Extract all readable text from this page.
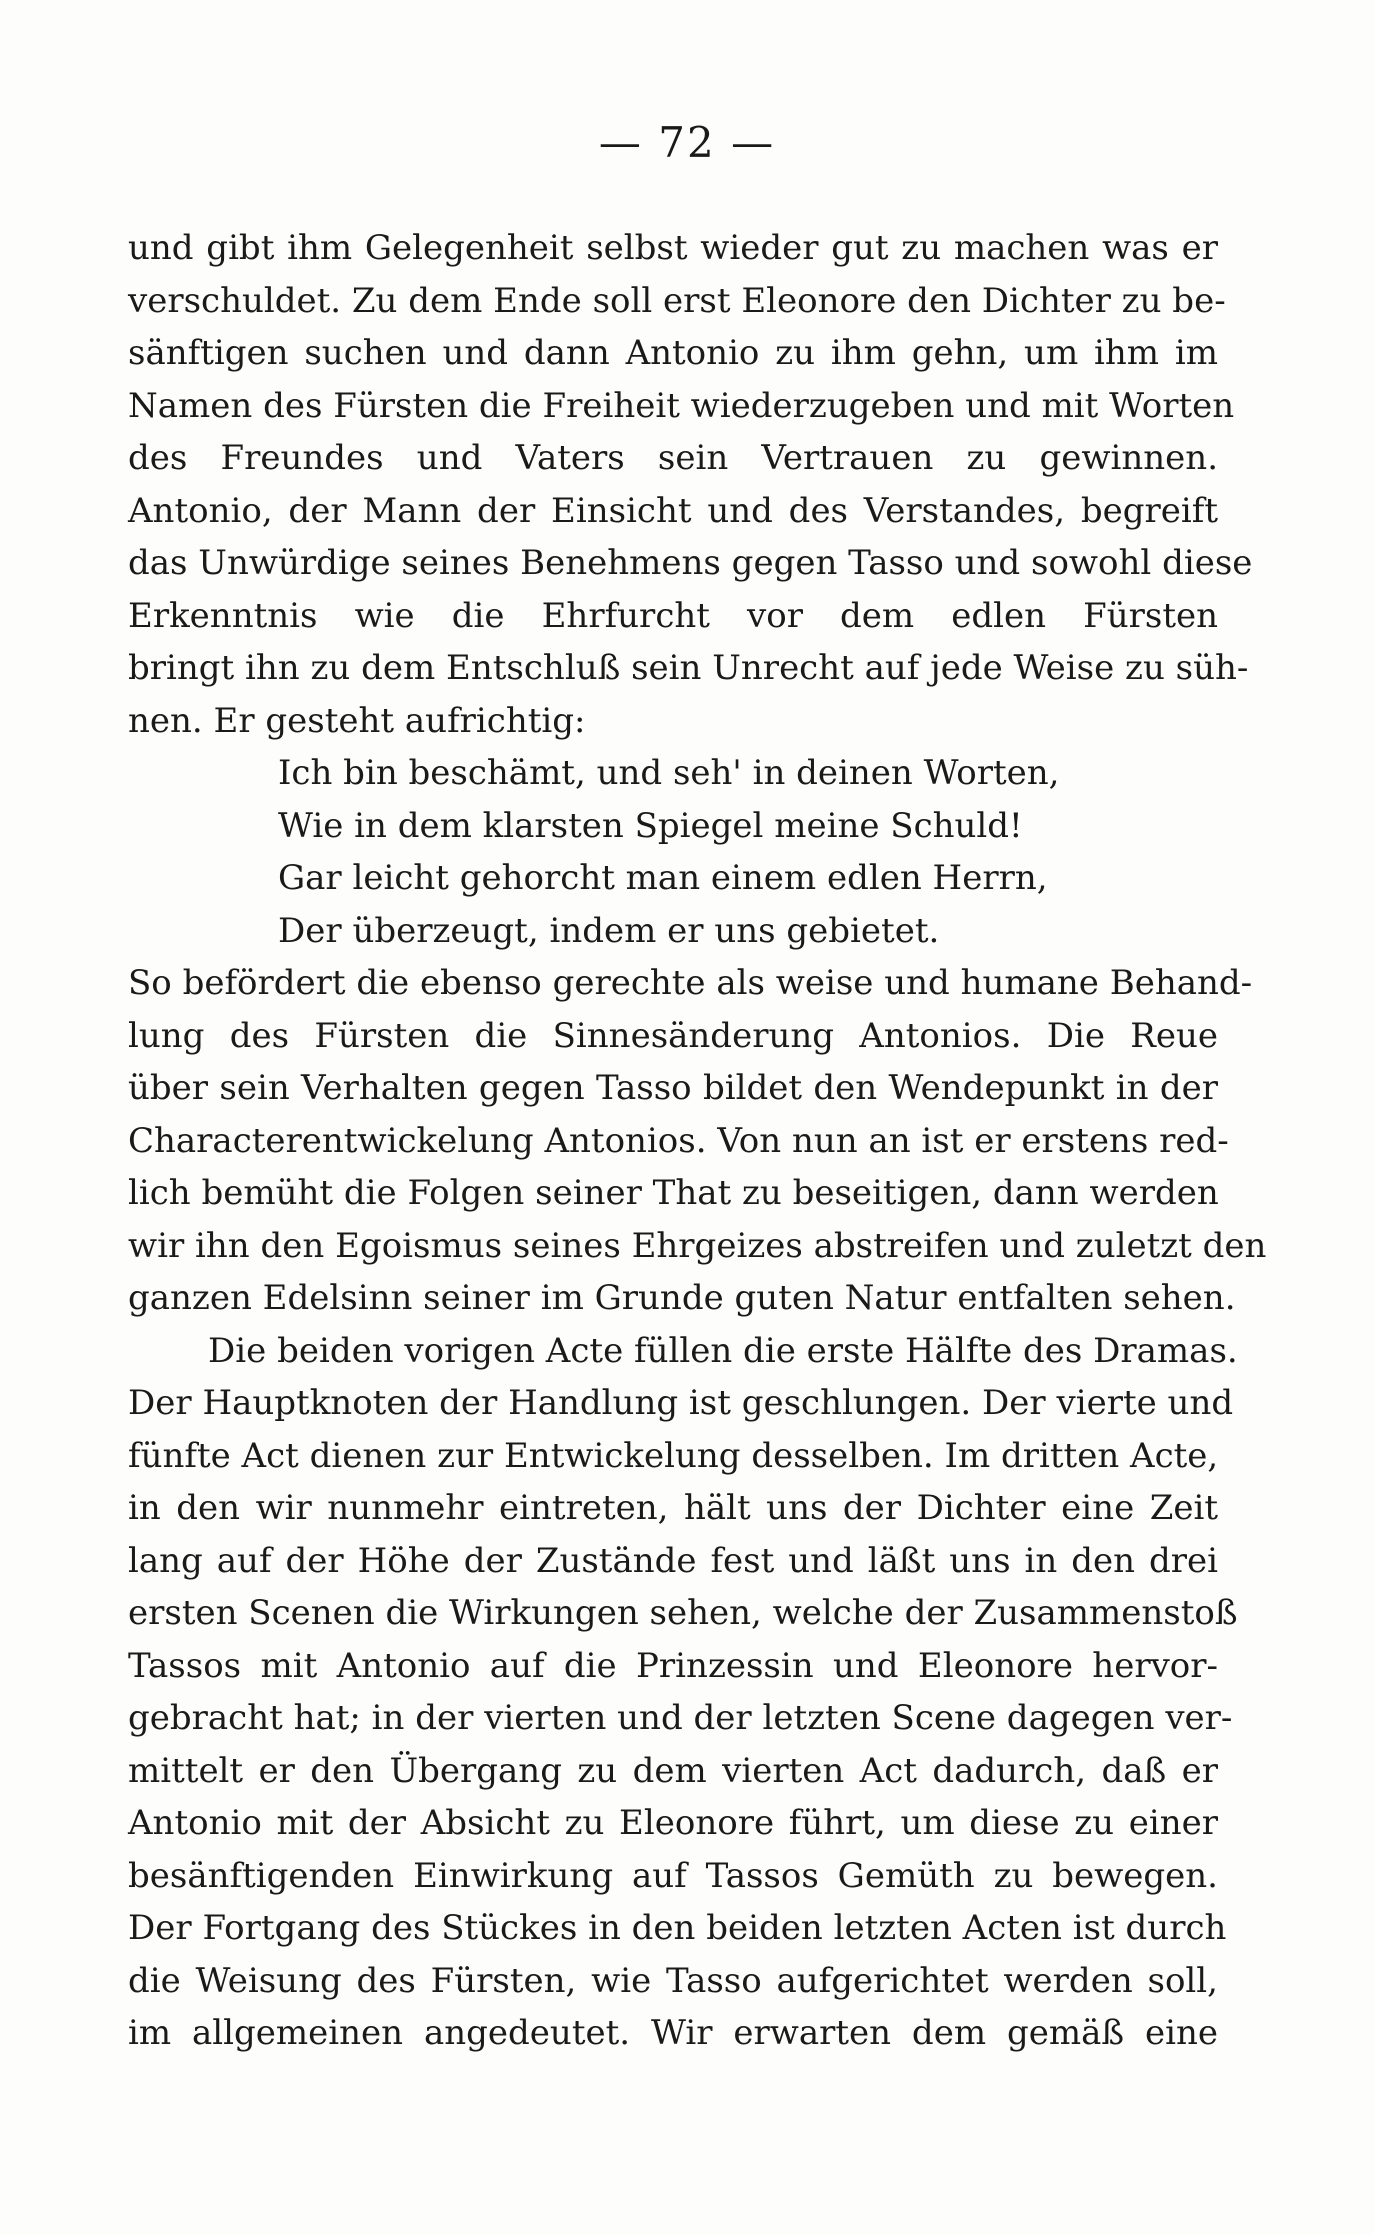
— 72 —
und gibt ihm Gelegenheit selbst wieder gut zu machen was er
verschuldet. Zu dem Ende soll erst Eleonore den Dichter zu be-
sänftigen suchen und dann Antonio zu ihm gehn, um ihm im
Namen des Fürsten die Freiheit wiederzugeben und mit Worten
des Freundes und Vaters sein Vertrauen zu gewinnen.
Antonio, der Mann der Einsicht und des Verstandes, begreift
das Unwürdige seines Benehmens gegen Tasso und sowohl diese
Erkenntnis wie die Ehrfurcht vor dem edlen Fürsten
bringt ihn zu dem Entschluß sein Unrecht auf jede Weise zu süh-
nen. Er gesteht aufrichtig:
Ich bin beschämt, und seh' in deinen Worten,
Wie in dem klarsten Spiegel meine Schuld!
Gar leicht gehorcht man einem edlen Herrn,
Der überzeugt, indem er uns gebietet.
So befördert die ebenso gerechte als weise und humane Behand-
lung des Fürsten die Sinnesänderung Antonios. Die Reue
über sein Verhalten gegen Tasso bildet den Wendepunkt in der
Characterentwickelung Antonios. Von nun an ist er erstens red-
lich bemüht die Folgen seiner That zu beseitigen, dann werden
wir ihn den Egoismus seines Ehrgeizes abstreifen und zuletzt den
ganzen Edelsinn seiner im Grunde guten Natur entfalten sehen.
Die beiden vorigen Acte füllen die erste Hälfte des Dramas.
Der Hauptknoten der Handlung ist geschlungen. Der vierte und
fünfte Act dienen zur Entwickelung desselben. Im dritten Acte,
in den wir nunmehr eintreten, hält uns der Dichter eine Zeit
lang auf der Höhe der Zustände fest und läßt uns in den drei
ersten Scenen die Wirkungen sehen, welche der Zusammenstoß
Tassos mit Antonio auf die Prinzessin und Eleonore hervor-
gebracht hat; in der vierten und der letzten Scene dagegen ver-
mittelt er den Übergang zu dem vierten Act dadurch, daß er
Antonio mit der Absicht zu Eleonore führt, um diese zu einer
besänftigenden Einwirkung auf Tassos Gemüth zu bewegen.
Der Fortgang des Stückes in den beiden letzten Acten ist durch
die Weisung des Fürsten, wie Tasso aufgerichtet werden soll,
im allgemeinen angedeutet. Wir erwarten dem gemäß eine
